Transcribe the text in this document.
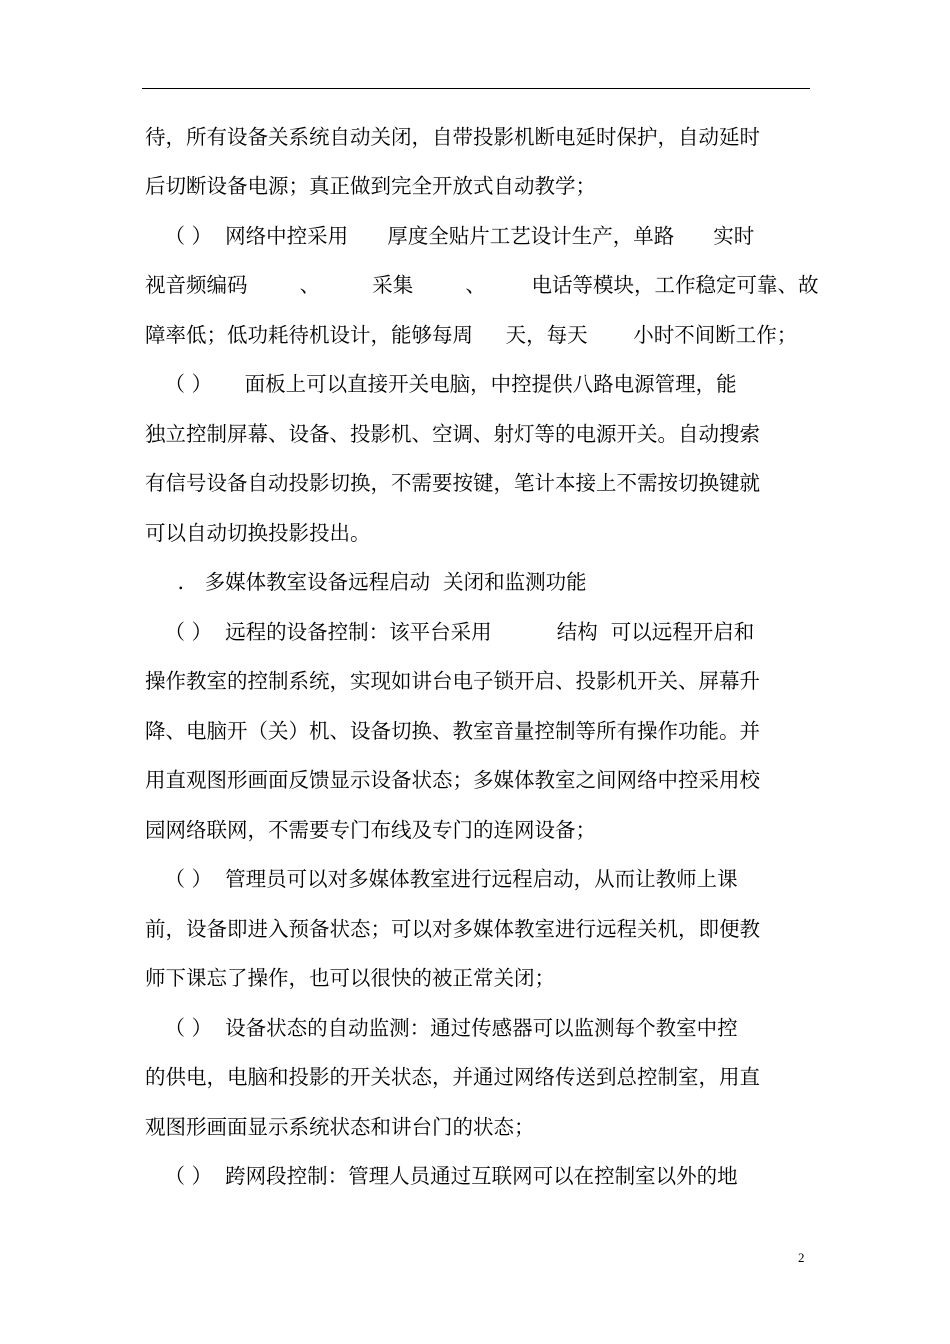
待，所有设备关系统自动关闭，自带投影机断电延时保护，自动延时
后切断设备电源；真正做到完全开放式自动教学；
（ ）  网络中控采用      厚度全贴片工艺设计生产，单路      实时
视音频编码        、        采集        、       电话等模块，工作稳定可靠、故
障率低；低功耗待机设计，能够每周     天，每天       小时不间断工作；
（ ）     面板上可以直接开关电脑，中控提供八路电源管理，能
独立控制屏幕、设备、投影机、空调、射灯等的电源开关。自动搜索
有信号设备自动投影切换，不需要按键，笔计本接上不需按切换键就
可以自动切换投影投出。
． 多媒体教室设备远程启动  关闭和监测功能
（ ）  远程的设备控制：该平台采用          结构  可以远程开启和
操作教室的控制系统，实现如讲台电子锁开启、投影机开关、屏幕升
降、电脑开（关）机、设备切换、教室音量控制等所有操作功能。并
用直观图形画面反馈显示设备状态；多媒体教室之间网络中控采用校
园网络联网，不需要专门布线及专门的连网设备；
（ ）  管理员可以对多媒体教室进行远程启动，从而让教师上课
前，设备即进入预备状态；可以对多媒体教室进行远程关机，即便教
师下课忘了操作，也可以很快的被正常关闭；
（ ）  设备状态的自动监测：通过传感器可以监测每个教室中控
的供电，电脑和投影的开关状态，并通过网络传送到总控制室，用直
观图形画面显示系统状态和讲台门的状态；
（ ）  跨网段控制：管理人员通过互联网可以在控制室以外的地
2
